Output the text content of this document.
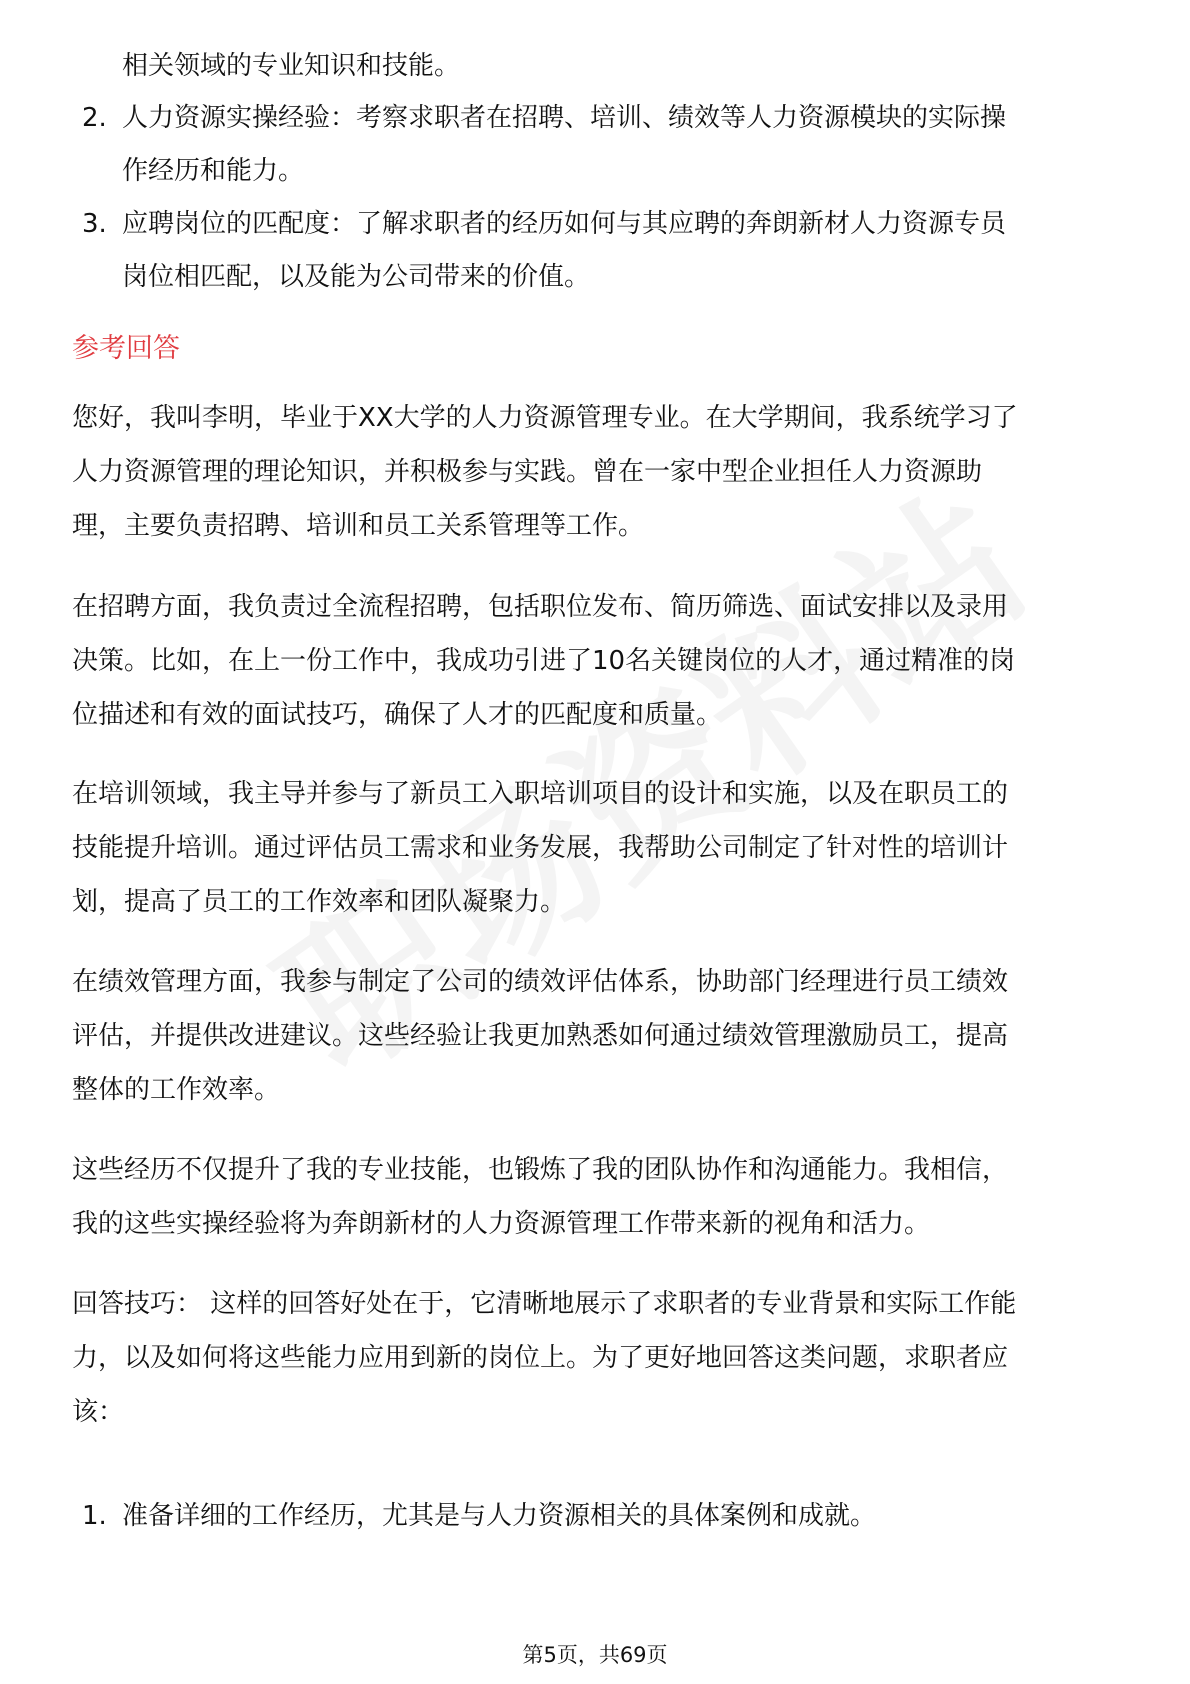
相关领域的专业知识和技能。
2. 人力资源实操经验：考察求职者在招聘、培训、绩效等人力资源模块的实际操
作经历和能力。
3. 应聘岗位的匹配度：了解求职者的经历如何与其应聘的奔朗新材人力资源专员
岗位相匹配，以及能为公司带来的价值。
参考回答
您好，我叫李明，毕业于XX大学的人力资源管理专业。在大学期间，我系统学习了
人力资源管理的理论知识，并积极参与实践。曾在一家中型企业担任人力资源助
理，主要负责招聘、培训和员工关系管理等工作。
在招聘方面，我负责过全流程招聘，包括职位发布、简历筛选、面试安排以及录用
决策。比如，在上一份工作中，我成功引进了10名关键岗位的人才，通过精准的岗
位描述和有效的面试技巧，确保了人才的匹配度和质量。
在培训领域，我主导并参与了新员工入职培训项目的设计和实施，以及在职员工的
技能提升培训。通过评估员工需求和业务发展，我帮助公司制定了针对性的培训计
划，提高了员工的工作效率和团队凝聚力。
在绩效管理方面，我参与制定了公司的绩效评估体系，协助部门经理进行员工绩效
评估，并提供改进建议。这些经验让我更加熟悉如何通过绩效管理激励员工，提高
整体的工作效率。
这些经历不仅提升了我的专业技能，也锻炼了我的团队协作和沟通能力。我相信，
我的这些实操经验将为奔朗新材的人力资源管理工作带来新的视角和活力。
回答技巧： 这样的回答好处在于，它清晰地展示了求职者的专业背景和实际工作能
力，以及如何将这些能力应用到新的岗位上。为了更好地回答这类问题，求职者应
该：
1. 准备详细的工作经历，尤其是与人力资源相关的具体案例和成就。
第5页，共69页
